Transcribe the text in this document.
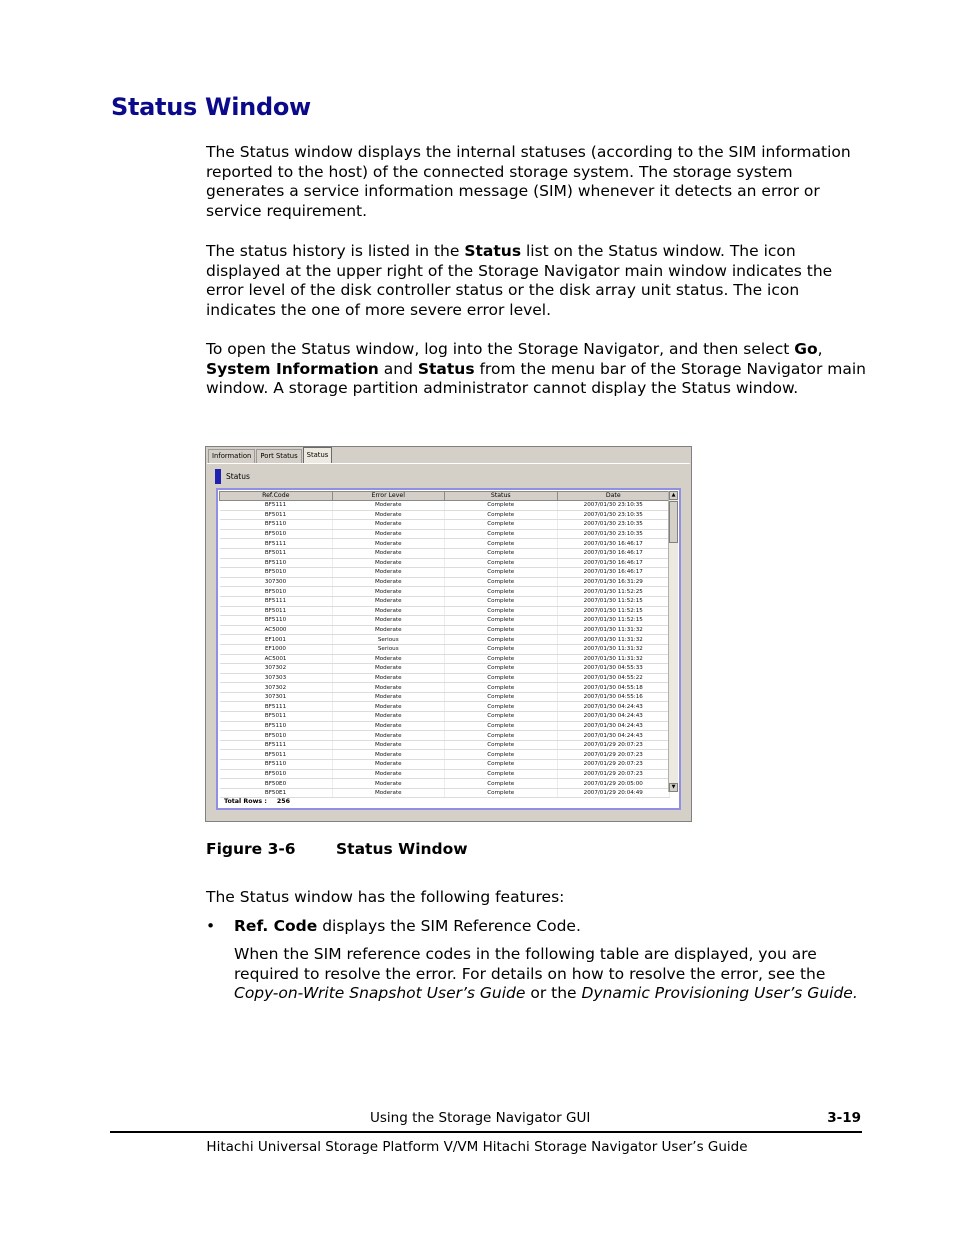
Status Window

The Status window displays the internal statuses (according to the SIM information reported to the host) of the connected storage system. The storage system generates a service information message (SIM) whenever it detects an error or service requirement.

The status history is listed in the Status list on the Status window. The icon displayed at the upper right of the Storage Navigator main window indicates the error level of the disk controller status or the disk array unit status. The icon indicates the one of more severe error level.

To open the Status window, log into the Storage Navigator, and then select Go, System Information and Status from the menu bar of the Storage Navigator main window. A storage partition administrator cannot display the Status window.

Information	Port Status	Status
Status
Ref.Code	Error Level	Status	Date
BF5111	Moderate	Complete	2007/01/30 23:10:35
BF5011	Moderate	Complete	2007/01/30 23:10:35
BF5110	Moderate	Complete	2007/01/30 23:10:35
BF5010	Moderate	Complete	2007/01/30 23:10:35
BF5111	Moderate	Complete	2007/01/30 16:46:17
BF5011	Moderate	Complete	2007/01/30 16:46:17
BF5110	Moderate	Complete	2007/01/30 16:46:17
BF5010	Moderate	Complete	2007/01/30 16:46:17
307300	Moderate	Complete	2007/01/30 16:31:29
BF5010	Moderate	Complete	2007/01/30 11:52:25
BF5111	Moderate	Complete	2007/01/30 11:52:15
BF5011	Moderate	Complete	2007/01/30 11:52:15
BF5110	Moderate	Complete	2007/01/30 11:52:15
AC5000	Moderate	Complete	2007/01/30 11:31:32
EF1001	Serious	Complete	2007/01/30 11:31:32
EF1000	Serious	Complete	2007/01/30 11:31:32
AC5001	Moderate	Complete	2007/01/30 11:31:32
307302	Moderate	Complete	2007/01/30 04:55:33
307303	Moderate	Complete	2007/01/30 04:55:22
307302	Moderate	Complete	2007/01/30 04:55:18
307301	Moderate	Complete	2007/01/30 04:55:16
BF5111	Moderate	Complete	2007/01/30 04:24:43
BF5011	Moderate	Complete	2007/01/30 04:24:43
BF5110	Moderate	Complete	2007/01/30 04:24:43
BF5010	Moderate	Complete	2007/01/30 04:24:43
BF5111	Moderate	Complete	2007/01/29 20:07:23
BF5011	Moderate	Complete	2007/01/29 20:07:23
BF5110	Moderate	Complete	2007/01/29 20:07:23
BF5010	Moderate	Complete	2007/01/29 20:07:23
BF50E0	Moderate	Complete	2007/01/29 20:05:00
BF50E1	Moderate	Complete	2007/01/29 20:04:49
▲
▼
Total Rows : 256

Figure 3-6	Status Window

The Status window has the following features:

• Ref. Code displays the SIM Reference Code.

When the SIM reference codes in the following table are displayed, you are required to resolve the error. For details on how to resolve the error, see the Copy-on-Write Snapshot User’s Guide or the Dynamic Provisioning User’s Guide.

Using the Storage Navigator GUI	3-19
Hitachi Universal Storage Platform V/VM Hitachi Storage Navigator User’s Guide
